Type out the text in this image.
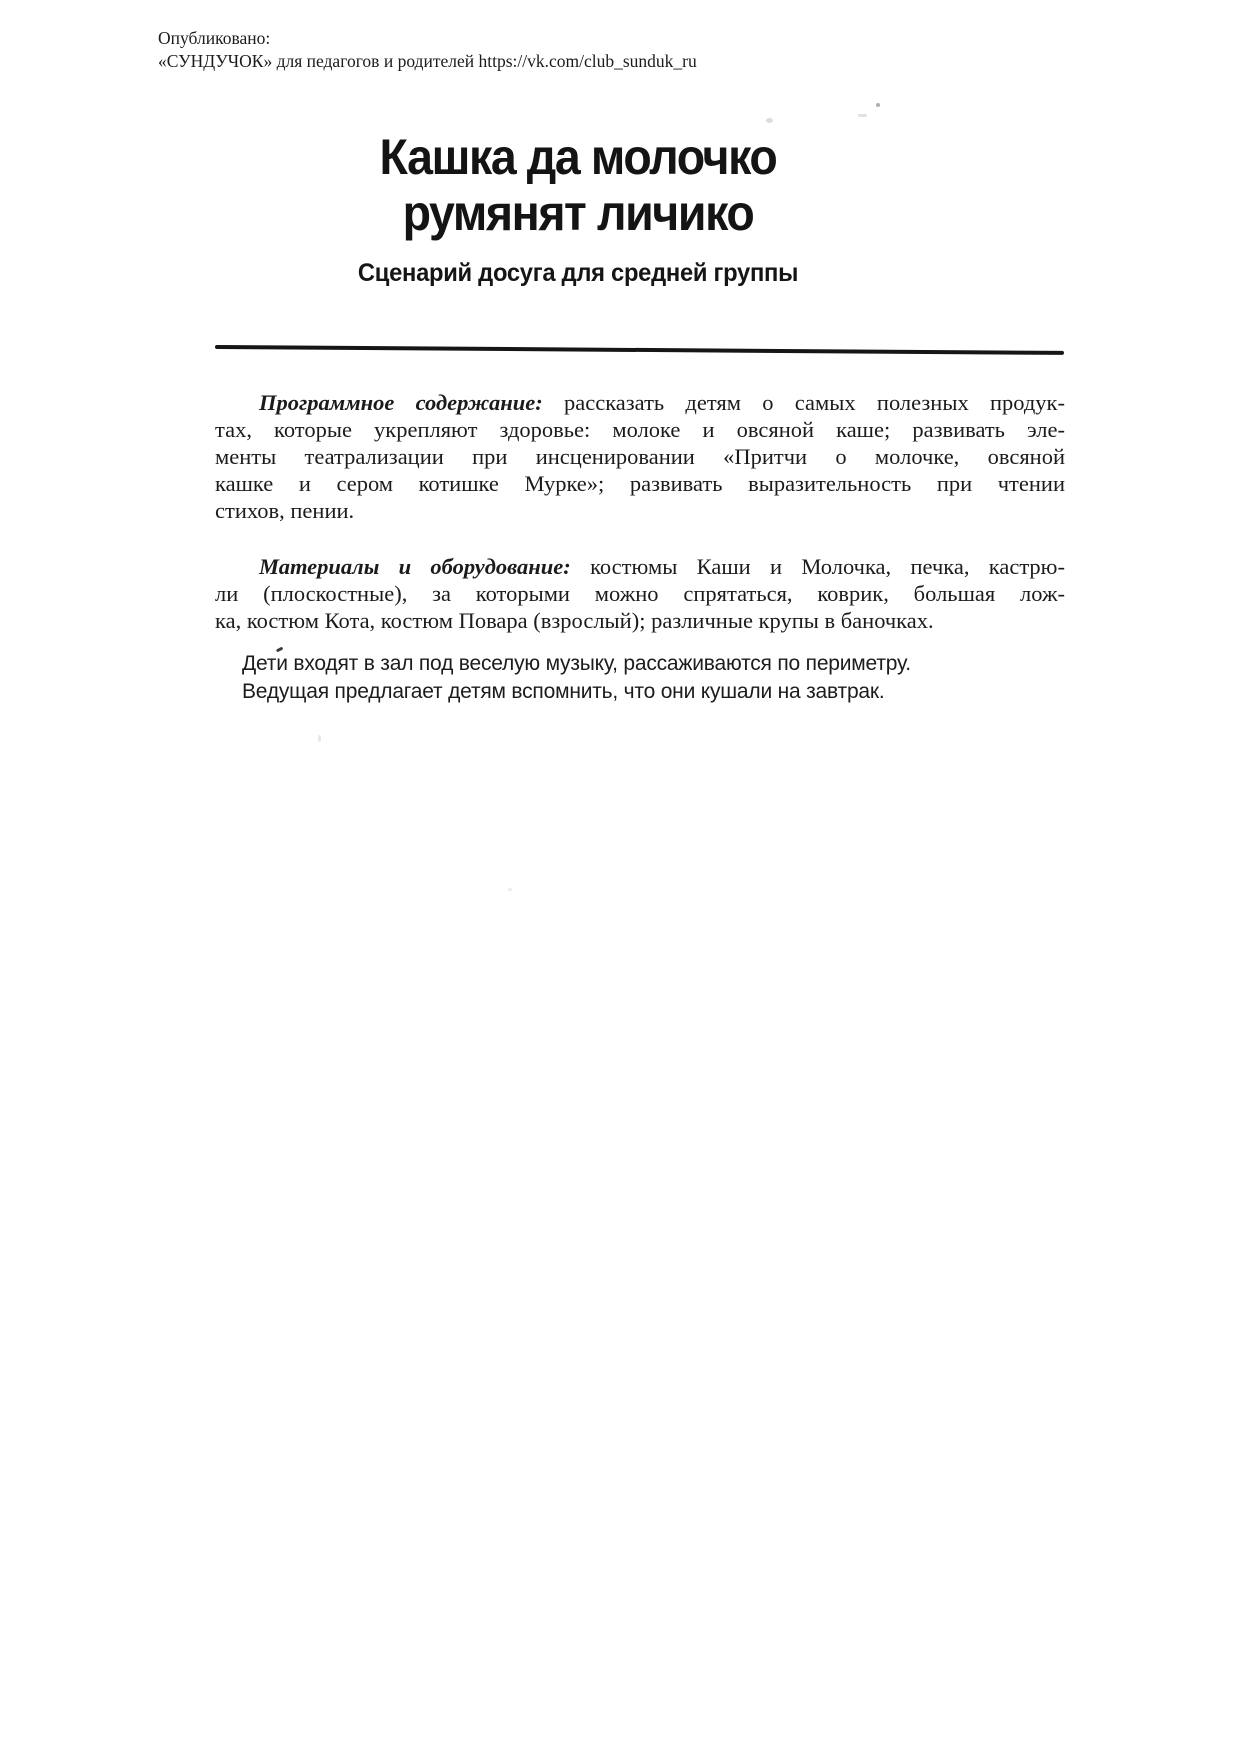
Опубликовано:
«СУНДУЧОК» для педагогов и родителей https://vk.com/club_sunduk_ru
Кашка да молочко
румянят личико
Сценарий досуга для средней группы
Программное содержание: рассказать детям о самых полезных продук-
тах, которые укрепляют здоровье: молоке и овсяной каше; развивать эле-
менты театрализации при инсценировании «Притчи о молочке, овсяной
кашке и сером котишке Мурке»; развивать выразительность при чтении
стихов, пении.
Материалы и оборудование: костюмы Каши и Молочка, печка, кастрю-
ли (плоскостные), за которыми можно спрятаться, коврик, большая лож-
ка, костюм Кота, костюм Повара (взрослый); различные крупы в баночках.
Дети входят в зал под веселую музыку, рассаживаются по периметру.
Ведущая предлагает детям вспомнить, что они кушали на завтрак.
